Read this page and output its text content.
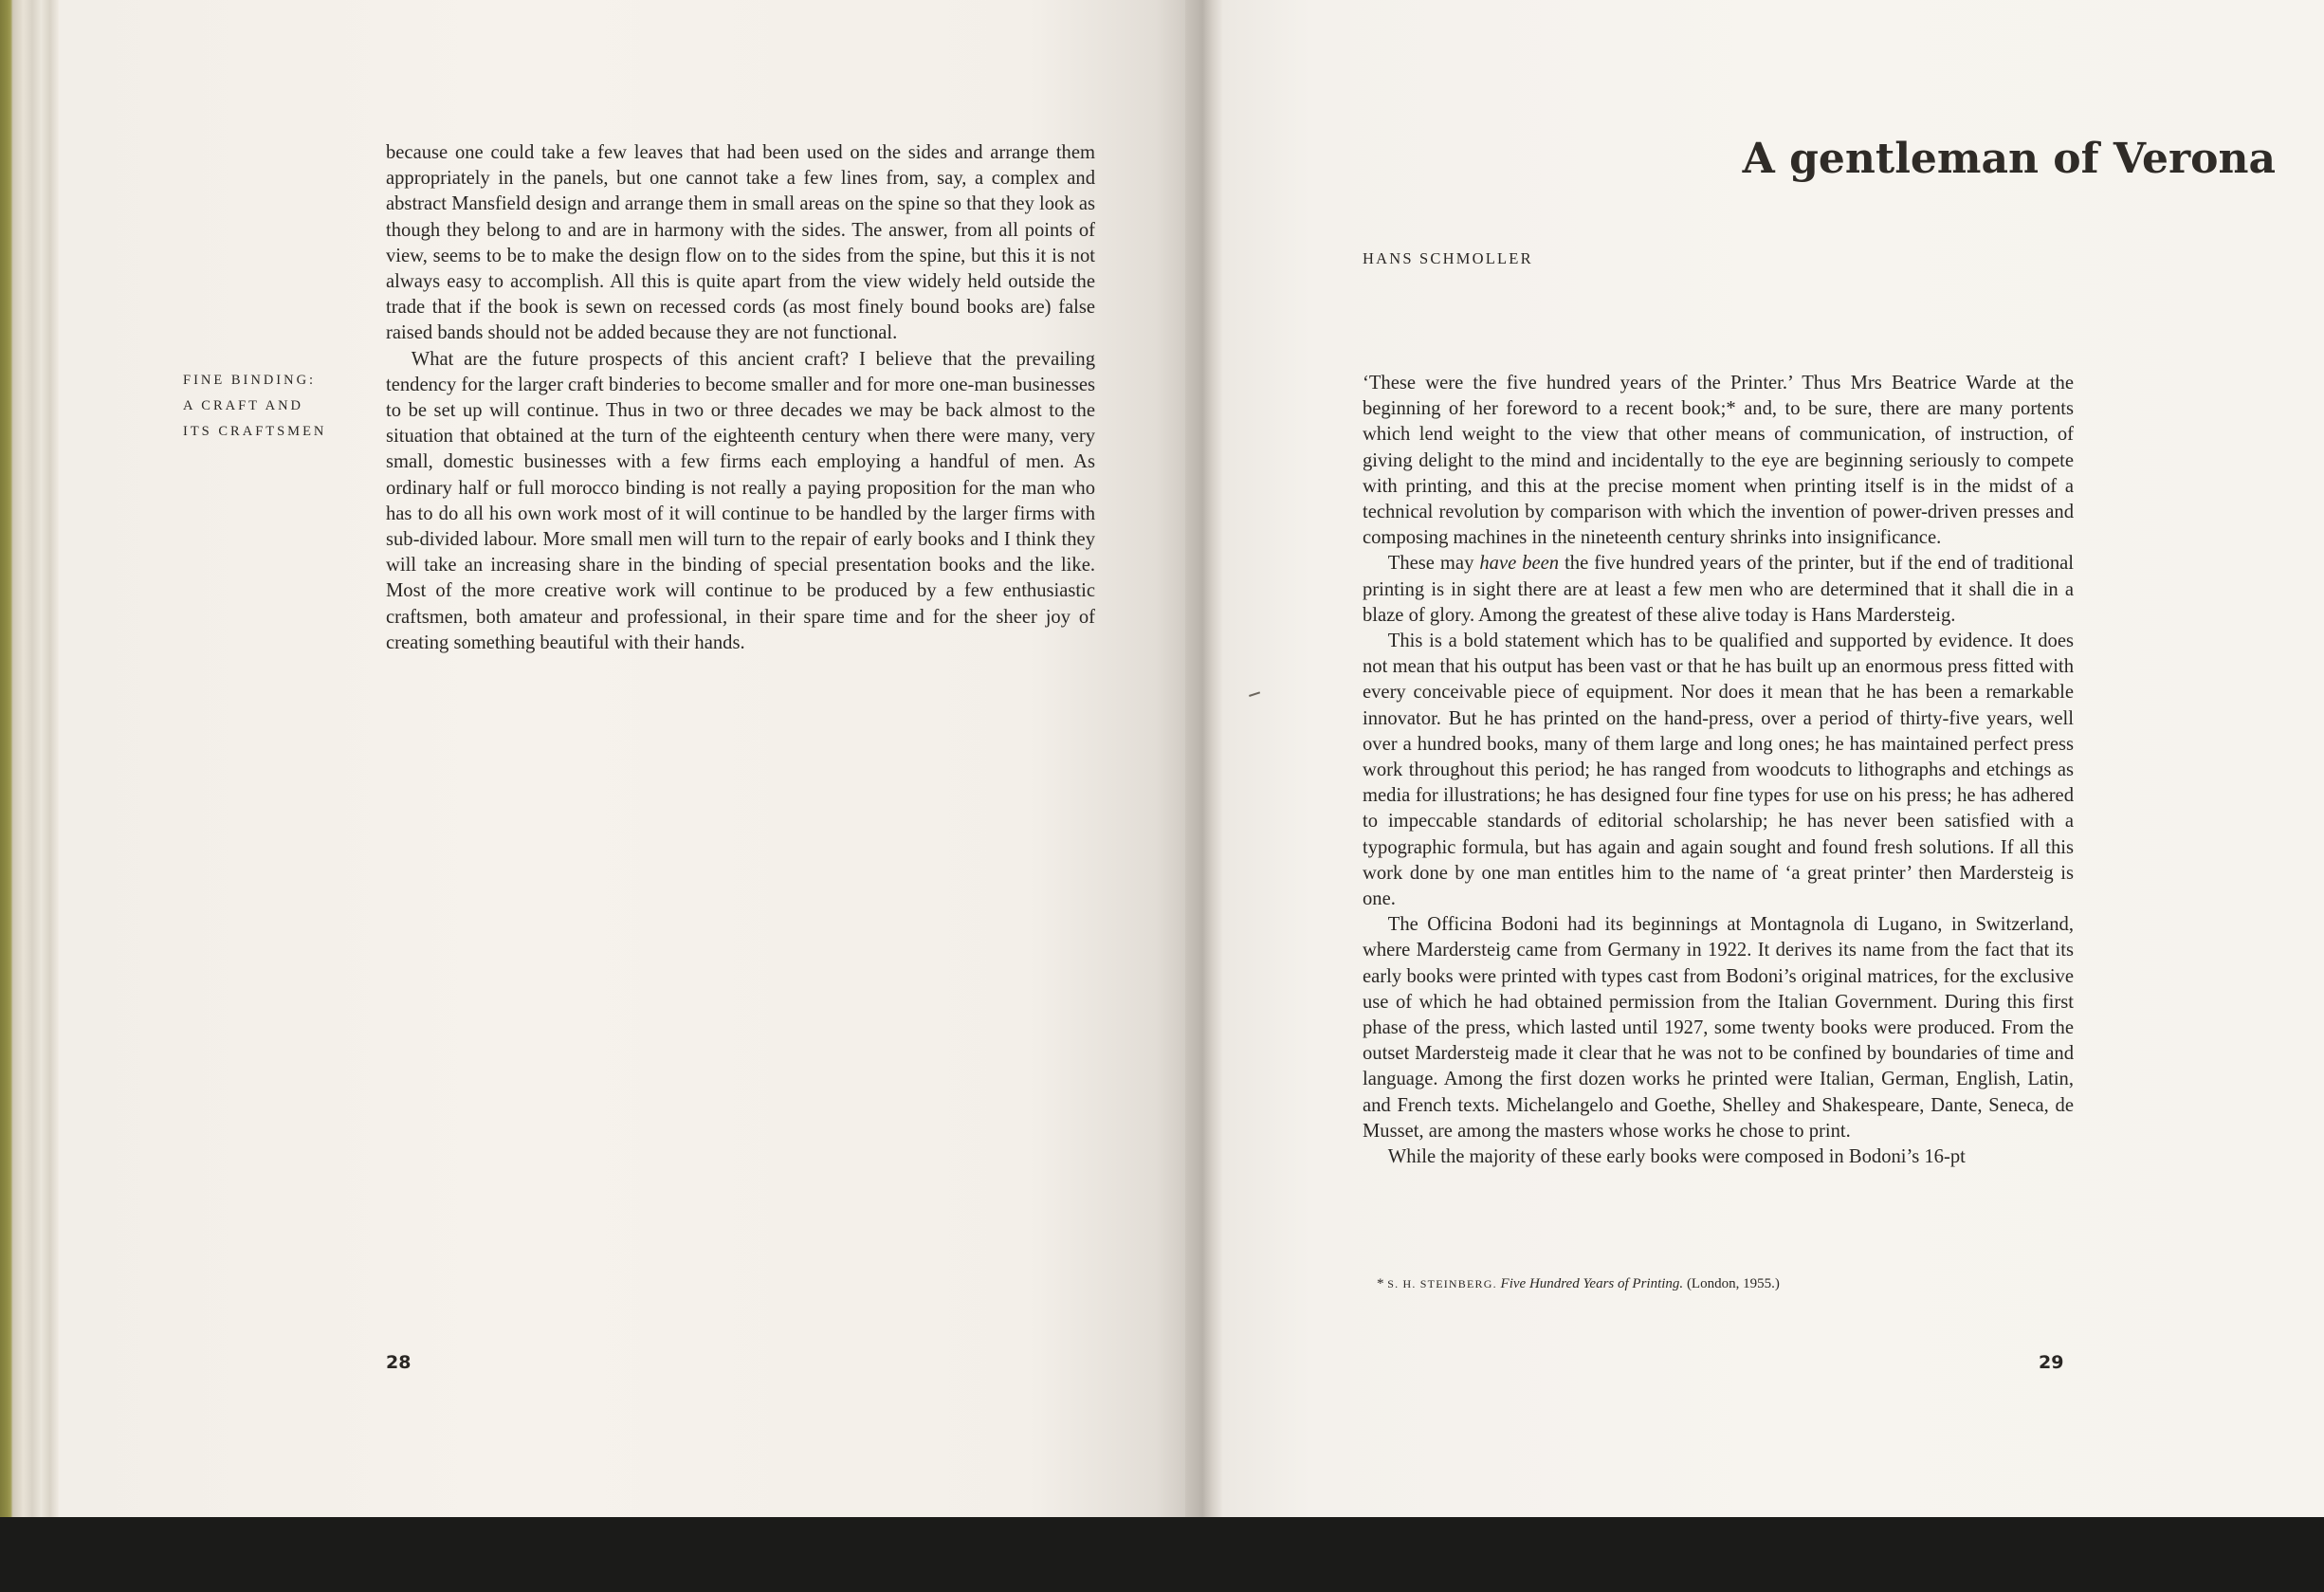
FINE BINDING:
A CRAFT AND
ITS CRAFTSMEN

because one could take a few leaves that had been used on the sides and arrange them appropriately in the panels, but one cannot take a few lines from, say, a complex and abstract Mansfield design and arrange them in small areas on the spine so that they look as though they belong to and are in harmony with the sides. The answer, from all points of view, seems to be to make the design flow on to the sides from the spine, but this it is not always easy to accomplish. All this is quite apart from the view widely held outside the trade that if the book is sewn on recessed cords (as most finely bound books are) false raised bands should not be added because they are not functional.

What are the future prospects of this ancient craft? I believe that the prevailing tendency for the larger craft binderies to become smaller and for more one-man businesses to be set up will continue. Thus in two or three decades we may be back almost to the situation that obtained at the turn of the eighteenth century when there were many, very small, domestic businesses with a few firms each employing a handful of men. As ordinary half or full morocco binding is not really a paying proposition for the man who has to do all his own work most of it will continue to be handled by the larger firms with sub-divided labour. More small men will turn to the repair of early books and I think they will take an increasing share in the binding of special presentation books and the like. Most of the more creative work will continue to be produced by a few enthusiastic craftsmen, both amateur and professional, in their spare time and for the sheer joy of creating something beautiful with their hands.

28
A gentleman of Verona
HANS SCHMOLLER

‘These were the five hundred years of the Printer.’ Thus Mrs Beatrice Warde at the beginning of her foreword to a recent book;* and, to be sure, there are many portents which lend weight to the view that other means of communication, of instruction, of giving delight to the mind and incidentally to the eye are beginning seriously to compete with printing, and this at the precise moment when printing itself is in the midst of a technical revolution by comparison with which the invention of power-driven presses and composing machines in the nineteenth century shrinks into insignificance.

These may have been the five hundred years of the printer, but if the end of traditional printing is in sight there are at least a few men who are determined that it shall die in a blaze of glory. Among the greatest of these alive today is Hans Mardersteig.

This is a bold statement which has to be qualified and supported by evidence. It does not mean that his output has been vast or that he has built up an enormous press fitted with every conceivable piece of equipment. Nor does it mean that he has been a remarkable innovator. But he has printed on the hand-press, over a period of thirty-five years, well over a hundred books, many of them large and long ones; he has maintained perfect press work throughout this period; he has ranged from woodcuts to lithographs and etchings as media for illustrations; he has designed four fine types for use on his press; he has adhered to impeccable standards of editorial scholarship; he has never been satisfied with a typographic formula, but has again and again sought and found fresh solutions. If all this work done by one man entitles him to the name of ‘a great printer’ then Mardersteig is one.

The Officina Bodoni had its beginnings at Montagnola di Lugano, in Switzerland, where Mardersteig came from Germany in 1922. It derives its name from the fact that its early books were printed with types cast from Bodoni’s original matrices, for the exclusive use of which he had obtained permission from the Italian Government. During this first phase of the press, which lasted until 1927, some twenty books were produced. From the outset Mardersteig made it clear that he was not to be confined by boundaries of time and language. Among the first dozen works he printed were Italian, German, English, Latin, and French texts. Michelangelo and Goethe, Shelley and Shakespeare, Dante, Seneca, de Musset, are among the masters whose works he chose to print.

While the majority of these early books were composed in Bodoni’s 16-pt

* S. H. STEINBERG. Five Hundred Years of Printing. (London, 1955.)
29
